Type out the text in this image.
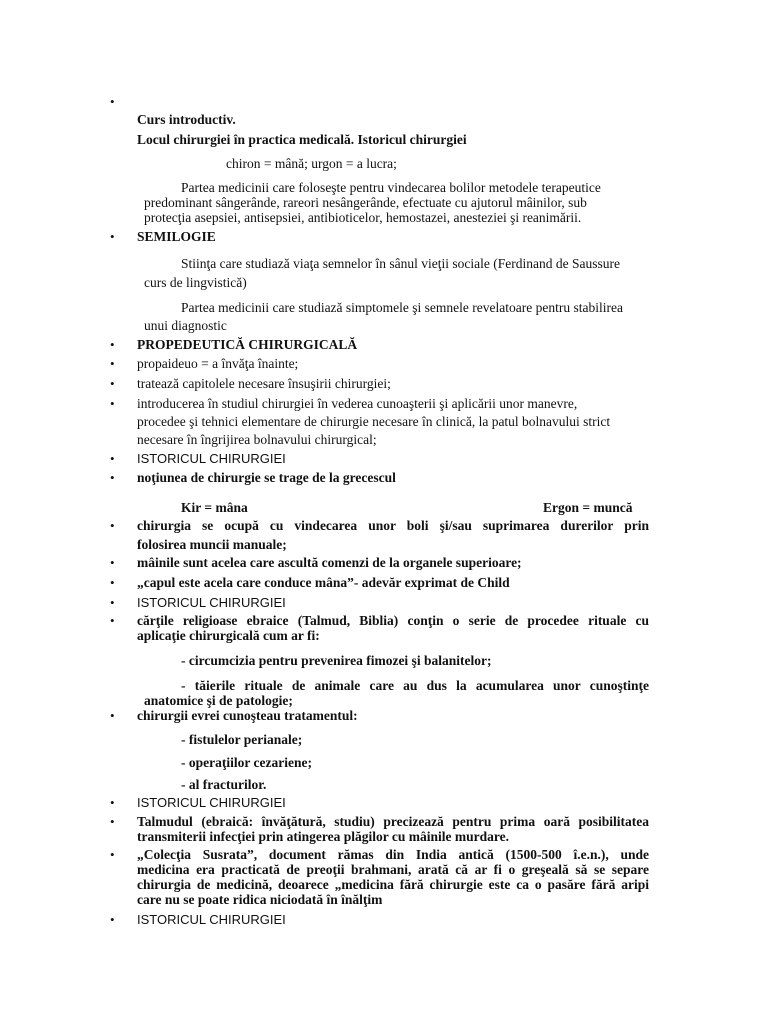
•
Curs introductiv.
Locul chirurgiei în practica medicală. Istoricul chirurgiei
chiron = mână; urgon = a lucra;
Partea medicinii care foloseşte pentru vindecarea bolilor metodele terapeutice
predominant sângerânde, rareori nesângerânde, efectuate cu ajutorul mâinilor, sub
protecţia asepsiei, antisepsiei, antibioticelor, hemostazei, anesteziei şi reanimării.
• SEMILOGIE
Stiinţa care studiază viaţa semnelor în sânul vieţii sociale (Ferdinand de Saussure
curs de lingvistică)
Partea medicinii care studiază simptomele şi semnele revelatoare pentru stabilirea
unui diagnostic
• PROPEDEUTICĂ CHIRURGICALĂ
• propaideuo = a învăţa înainte;
• tratează capitolele necesare însuşirii chirurgiei;
• introducerea în studiul chirurgiei în vederea cunoaşterii şi aplicării unor manevre,
procedee şi tehnici elementare de chirurgie necesare în clinică, la patul bolnavului strict
necesare în îngrijirea bolnavului chirurgical;
• ISTORICUL CHIRURGIEI
• noţiunea de chirurgie se trage de la grecescul
Kir = mâna	Ergon = muncă
• chirurgia se ocupă cu vindecarea unor boli şi/sau suprimarea durerilor prin
folosirea muncii manuale;
• mâinile sunt acelea care ascultă comenzi de la organele superioare;
• „capul este acela care conduce mâna”- adevăr exprimat de Child
• ISTORICUL CHIRURGIEI
• cărţile religioase ebraice (Talmud, Biblia) conţin o serie de procedee rituale cu
aplicaţie chirurgicală cum ar fi:
- circumcizia pentru prevenirea fimozei şi balanitelor;
- tăierile rituale de animale care au dus la acumularea unor cunoştinţe
anatomice şi de patologie;
• chirurgii evrei cunoşteau tratamentul:
- fistulelor perianale;
- operaţiilor cezariene;
- al fracturilor.
• ISTORICUL CHIRURGIEI
• Talmudul (ebraică: învăţătură, studiu) precizează pentru prima oară posibilitatea
transmiterii infecţiei prin atingerea plăgilor cu mâinile murdare.
• „Colecţia Susrata”, document rămas din India antică (1500-500 î.e.n.), unde
medicina era practicată de preoţii brahmani, arată că ar fi o greşeală să se separe
chirurgia de medicină, deoarece „medicina fără chirurgie este ca o pasăre fără aripi
care nu se poate ridica niciodată în înălţim
• ISTORICUL CHIRURGIEI
